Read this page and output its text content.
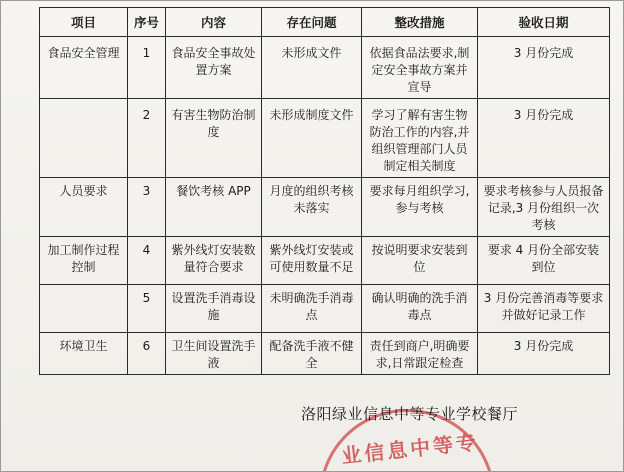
项目	序号	内容	存在问题	整改措施	验收日期
食品安全管理	1	食品安全事故处置方案	未形成文件	依据食品法要求,制定安全事故方案并宣导	3 月份完成
	2	有害生物防治制度	未形成制度文件	学习了解有害生物防治工作的内容,并组织管理部门人员制定相关制度	3 月份完成
人员要求	3	餐饮考核 APP	月度的组织考核未落实	要求每月组织学习,参与考核	要求考核参与人员报备记录,3 月份组织一次考核
加工制作过程控制	4	紫外线灯安装数量符合要求	紫外线灯安装或可使用数量不足	按说明要求安装到位	要求 4 月份全部安装到位
	5	设置洗手消毒设施	未明确洗手消毒点	确认明确的洗手消毒点	3 月份完善消毒等要求并做好记录工作
环境卫生	6	卫生间设置洗手液	配备洗手液不健全	责任到商户,明确要求,日常跟定检查	3 月份完成
业信息中等专
洛阳绿业信息中等专业学校餐厅
